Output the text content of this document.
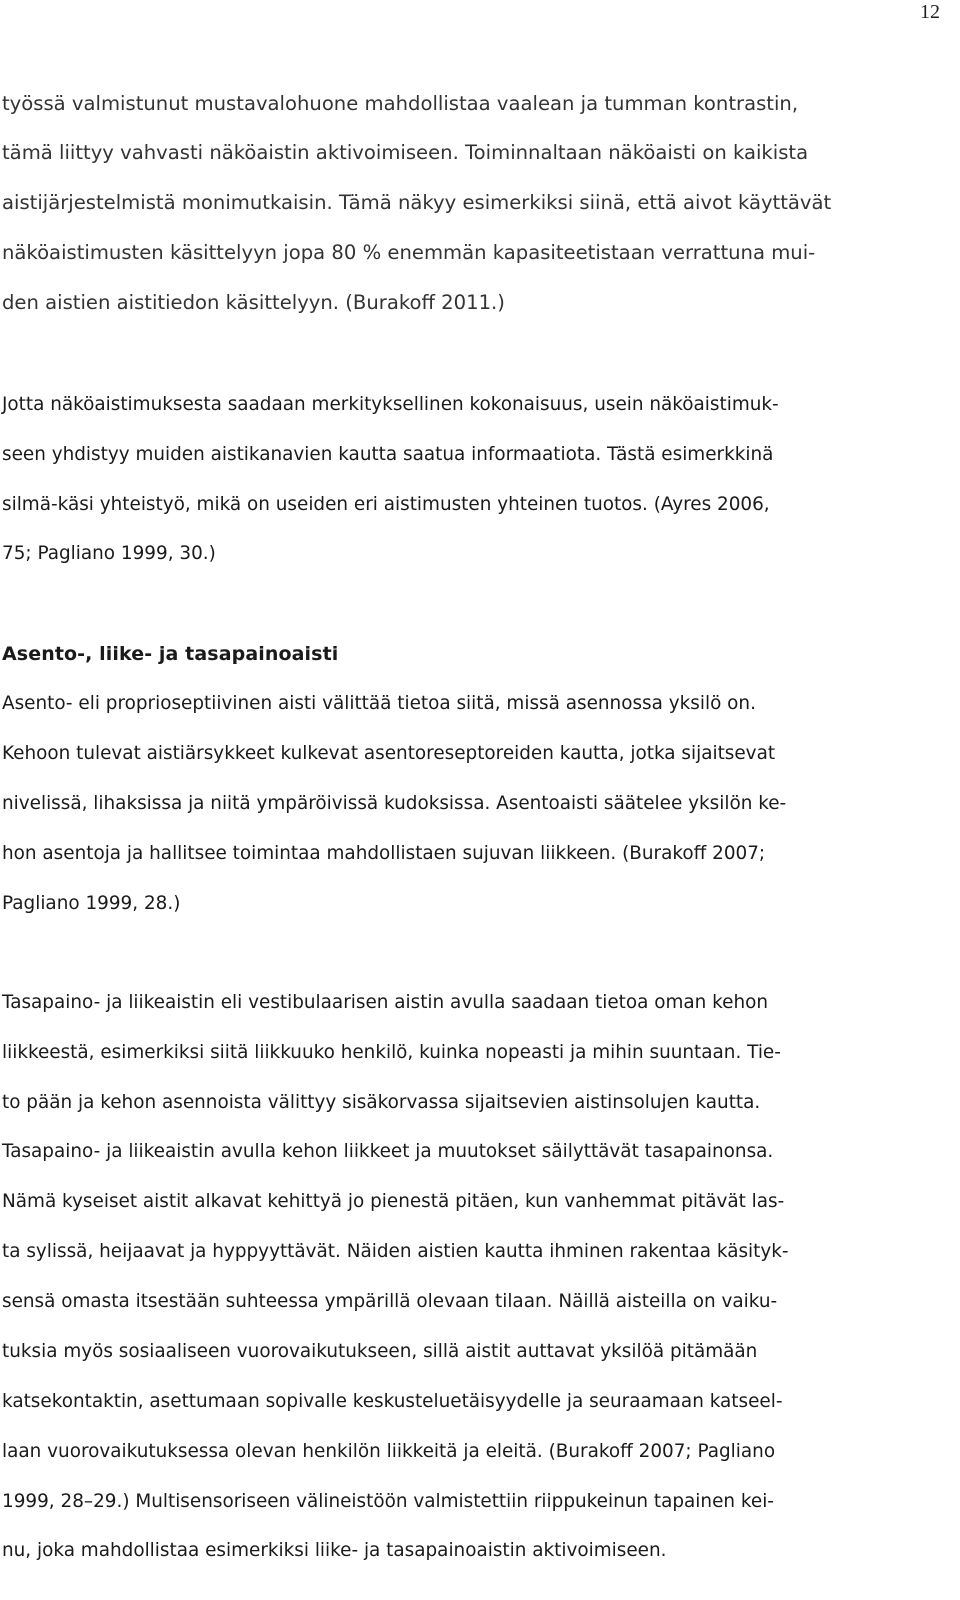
12

työssä valmistunut mustavalohuone mahdollistaa vaalean ja tumman kontrastin,

tämä liittyy vahvasti näköaistin aktivoimiseen. Toiminnaltaan näköaisti on kaikista

aistijärjestelmistä monimutkaisin. Tämä näkyy esimerkiksi siinä, että aivot käyttävät

näköaistimusten käsittelyyn jopa 80 % enemmän kapasiteetistaan verrattuna mui-

den aistien aistitiedon käsittelyyn. (Burakoff 2011.)

Jotta näköaistimuksesta saadaan merkityksellinen kokonaisuus, usein näköaistimuk-

seen yhdistyy muiden aistikanavien kautta saatua informaatiota. Tästä esimerkkinä

silmä-käsi yhteistyö, mikä on useiden eri aistimusten yhteinen tuotos. (Ayres 2006,

75; Pagliano 1999, 30.)

Asento-, liike- ja tasapainoaisti

Asento- eli proprioseptiivinen aisti välittää tietoa siitä, missä asennossa yksilö on.

Kehoon tulevat aistiärsykkeet kulkevat asentoreseptoreiden kautta, jotka sijaitsevat

nivelissä, lihaksissa ja niitä ympäröivissä kudoksissa. Asentoaisti säätelee yksilön ke-

hon asentoja ja hallitsee toimintaa mahdollistaen sujuvan liikkeen. (Burakoff 2007;

Pagliano 1999, 28.)

Tasapaino- ja liikeaistin eli vestibulaarisen aistin avulla saadaan tietoa oman kehon

liikkeestä, esimerkiksi siitä liikkuuko henkilö, kuinka nopeasti ja mihin suuntaan. Tie-

to pään ja kehon asennoista välittyy sisäkorvassa sijaitsevien aistinsolujen kautta.

Tasapaino- ja liikeaistin avulla kehon liikkeet ja muutokset säilyttävät tasapainonsa.

Nämä kyseiset aistit alkavat kehittyä jo pienestä pitäen, kun vanhemmat pitävät las-

ta sylissä, heijaavat ja hyppyyttävät. Näiden aistien kautta ihminen rakentaa käsityk-

sensä omasta itsestään suhteessa ympärillä olevaan tilaan. Näillä aisteilla on vaiku-

tuksia myös sosiaaliseen vuorovaikutukseen, sillä aistit auttavat yksilöä pitämään

katsekontaktin, asettumaan sopivalle keskusteluetäisyydelle ja seuraamaan katseel-

laan vuorovaikutuksessa olevan henkilön liikkeitä ja eleitä. (Burakoff 2007; Pagliano

1999, 28–29.) Multisensoriseen välineistöön valmistettiin riippukeinun tapainen kei-

nu, joka mahdollistaa esimerkiksi liike- ja tasapainoaistin aktivoimiseen.
